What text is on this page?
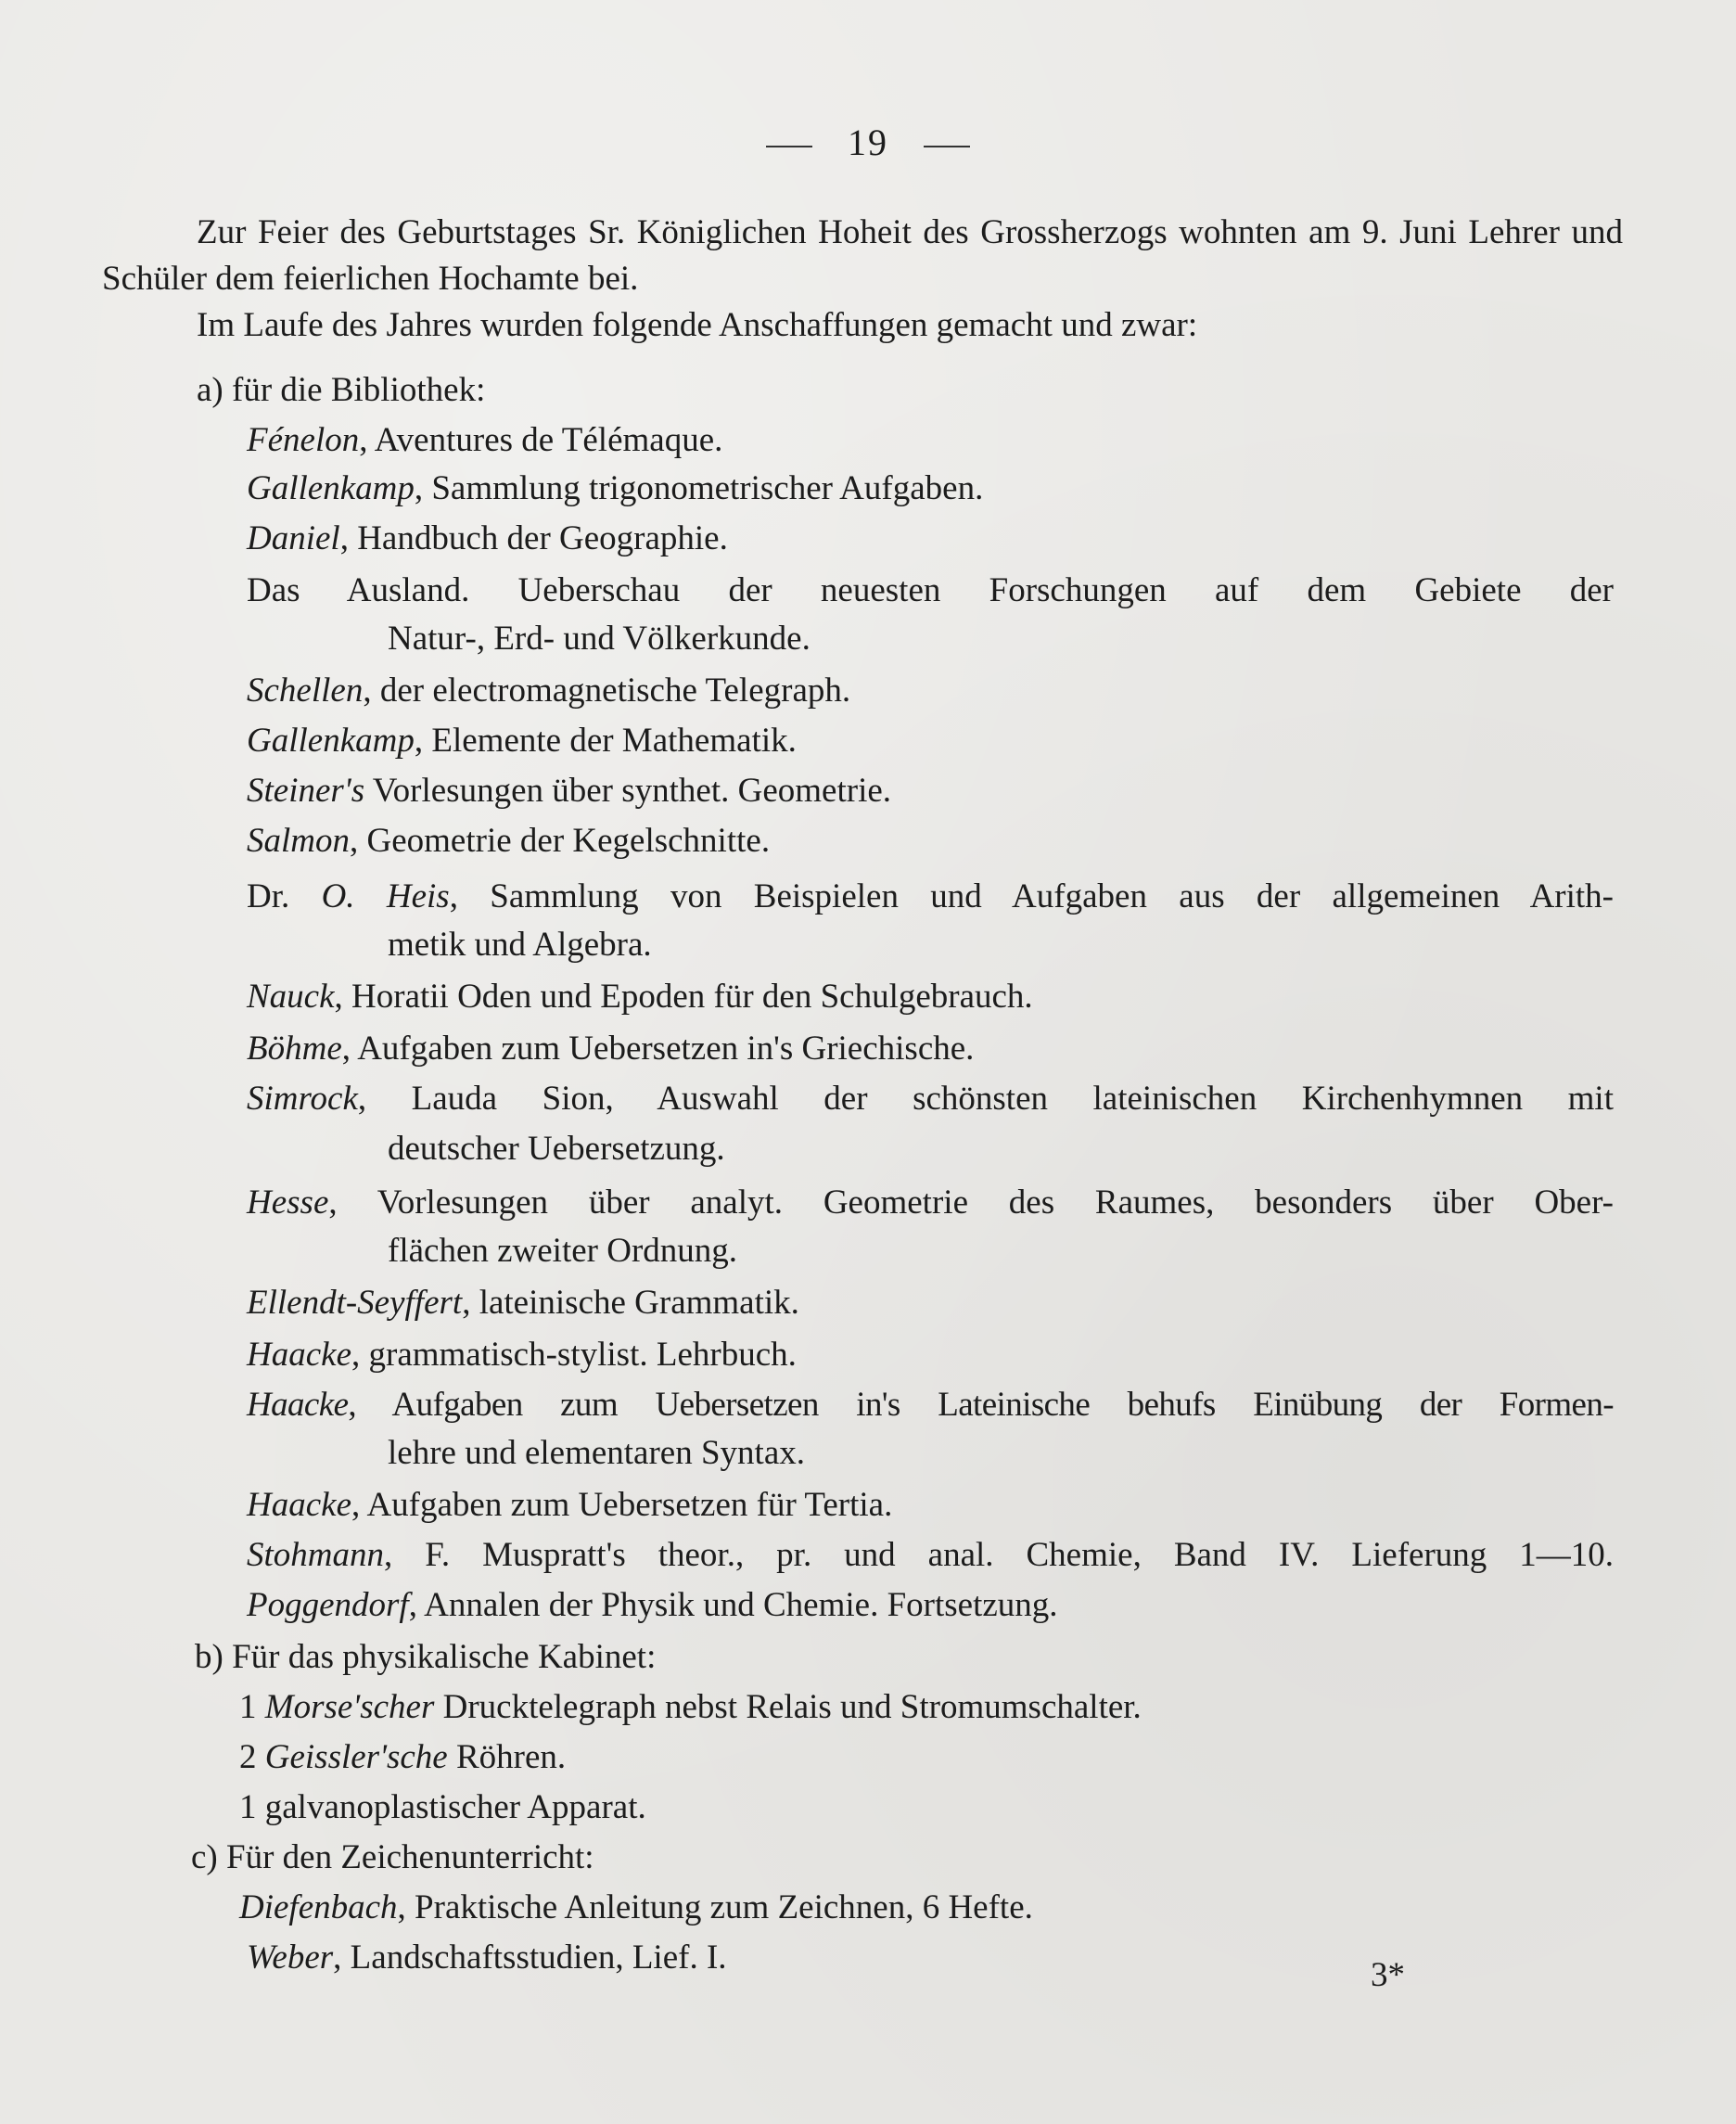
19
Zur Feier des Geburtstages Sr. Königlichen Hoheit des Grossherzogs wohnten am 9. Juni Lehrer und Schüler dem feierlichen Hochamte bei.
Im Laufe des Jahres wurden folgende Anschaffungen gemacht und zwar:
a) für die Bibliothek:
Fénelon, Aventures de Télémaque.
Gallenkamp, Sammlung trigonometrischer Aufgaben.
Daniel, Handbuch der Geographie.
Das Ausland. Ueberschau der neuesten Forschungen auf dem Gebiete der
Natur-, Erd- und Völkerkunde.
Schellen, der electromagnetische Telegraph.
Gallenkamp, Elemente der Mathematik.
Steiner's Vorlesungen über synthet. Geometrie.
Salmon, Geometrie der Kegelschnitte.
Dr. O. Heis, Sammlung von Beispielen und Aufgaben aus der allgemeinen Arith-
metik und Algebra.
Nauck, Horatii Oden und Epoden für den Schulgebrauch.
Böhme, Aufgaben zum Uebersetzen in's Griechische.
Simrock, Lauda Sion, Auswahl der schönsten lateinischen Kirchenhymnen mit
deutscher Uebersetzung.
Hesse, Vorlesungen über analyt. Geometrie des Raumes, besonders über Ober-
flächen zweiter Ordnung.
Ellendt-Seyffert, lateinische Grammatik.
Haacke, grammatisch-stylist. Lehrbuch.
Haacke, Aufgaben zum Uebersetzen in's Lateinische behufs Einübung der Formen-
lehre und elementaren Syntax.
Haacke, Aufgaben zum Uebersetzen für Tertia.
Stohmann, F. Muspratt's theor., pr. und anal. Chemie, Band IV. Lieferung 1—10.
Poggendorf, Annalen der Physik und Chemie. Fortsetzung.
b) Für das physikalische Kabinet:
1 Morse'scher Drucktelegraph nebst Relais und Stromumschalter.
2 Geissler'sche Röhren.
1 galvanoplastischer Apparat.
c) Für den Zeichenunterricht:
Diefenbach, Praktische Anleitung zum Zeichnen, 6 Hefte.
Weber, Landschaftsstudien, Lief. I.	3*
